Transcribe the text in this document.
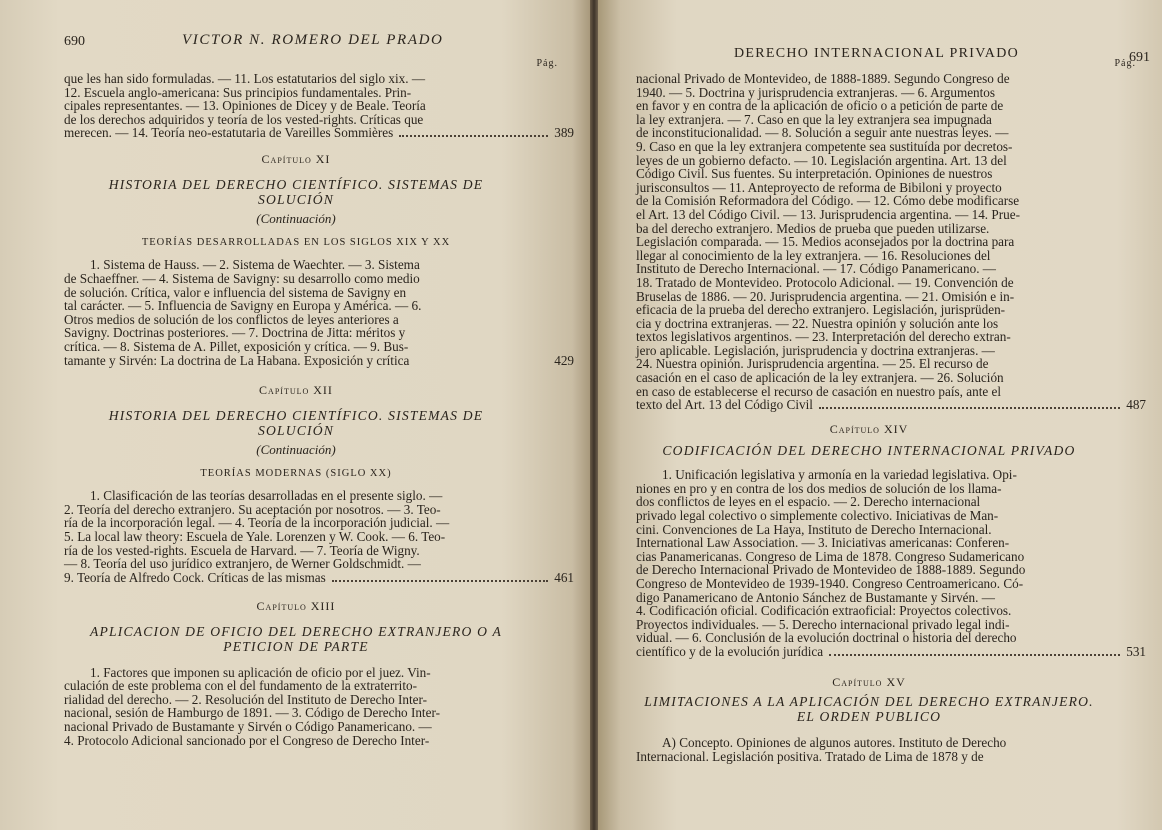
690	VICTOR N. ROMERO DEL PRADO
Pág.
que les han sido formuladas. — 11. Los estatutarios del siglo xix. —
12. Escuela anglo-americana: Sus principios fundamentales. Prin-
cipales representantes. — 13. Opiniones de Dicey y de Beale. Teoría
de los derechos adquiridos y teoría de los vested-rights. Críticas que
merecen. — 14. Teoría neo-estatutaria de Vareilles Sommières	389
Capítulo XI
HISTORIA DEL DERECHO CIENTÍFICO. SISTEMAS DE SOLUCIÓN
(Continuación)
TEORÍAS DESARROLLADAS EN LOS SIGLOS XIX Y XX
1. Sistema de Hauss. — 2. Sistema de Waechter. — 3. Sistema
de Schaeffner. — 4. Sistema de Savigny: su desarrollo como medio
de solución. Crítica, valor e influencia del sistema de Savigny en
tal carácter. — 5. Influencia de Savigny en Europa y América. — 6.
Otros medios de solución de los conflictos de leyes anteriores a
Savigny. Doctrinas posteriores. — 7. Doctrina de Jitta: méritos y
crítica. — 8. Sistema de A. Pillet, exposición y crítica. — 9. Bus-
tamante y Sirvén: La doctrina de La Habana. Exposición y crítica	429
Capítulo XII
HISTORIA DEL DERECHO CIENTÍFICO. SISTEMAS DE SOLUCIÓN
(Continuación)
TEORÍAS MODERNAS (SIGLO XX)
1. Clasificación de las teorías desarrolladas en el presente siglo. —
2. Teoría del derecho extranjero. Su aceptación por nosotros. — 3. Teo-
ría de la incorporación legal. — 4. Teoría de la incorporación judicial. —
5. La local law theory: Escuela de Yale. Lorenzen y W. Cook. — 6. Teo-
ría de los vested-rights. Escuela de Harvard. — 7. Teoría de Wigny.
— 8. Teoría del uso jurídico extranjero, de Werner Goldschmidt. —
9. Teoría de Alfredo Cock. Críticas de las mismas	461
Capítulo XIII
APLICACION DE OFICIO DEL DERECHO EXTRANJERO O A PETICION DE PARTE
1. Factores que imponen su aplicación de oficio por el juez. Vin-
culación de este problema con el del fundamento de la extraterrito-
rialidad del derecho. — 2. Resolución del Instituto de Derecho Inter-
nacional, sesión de Hamburgo de 1891. — 3. Código de Derecho Inter-
nacional Privado de Bustamante y Sirvén o Código Panamericano. —
4. Protocolo Adicional sancionado por el Congreso de Derecho Inter-
DERECHO INTERNACIONAL PRIVADO	691
Pág.
nacional Privado de Montevideo, de 1888-1889. Segundo Congreso de
1940. — 5. Doctrina y jurisprudencia extranjeras. — 6. Argumentos
en favor y en contra de la aplicación de oficio o a petición de parte de
la ley extranjera. — 7. Caso en que la ley extranjera sea impugnada
de inconstitucionalidad. — 8. Solución a seguir ante nuestras leyes. —
9. Caso en que la ley extranjera competente sea sustituída por decretos-
leyes de un gobierno defacto. — 10. Legislación argentina. Art. 13 del
Código Civil. Sus fuentes. Su interpretación. Opiniones de nuestros
jurisconsultos — 11. Anteproyecto de reforma de Bibiloni y proyecto
de la Comisión Reformadora del Código. — 12. Cómo debe modificarse
el Art. 13 del Código Civil. — 13. Jurisprudencia argentina. — 14. Prue-
ba del derecho extranjero. Medios de prueba que pueden utilizarse.
Legislación comparada. — 15. Medios aconsejados por la doctrina para
llegar al conocimiento de la ley extranjera. — 16. Resoluciones del
Instituto de Derecho Internacional. — 17. Código Panamericano. —
18. Tratado de Montevideo. Protocolo Adicional. — 19. Convención de
Bruselas de 1886. — 20. Jurisprudencia argentina. — 21. Omisión e in-
eficacia de la prueba del derecho extranjero. Legislación, jurisprüden-
cia y doctrina extranjeras. — 22. Nuestra opinión y solución ante los
textos legislativos argentinos. — 23. Interpretación del derecho extran-
jero aplicable. Legislación, jurisprudencia y doctrina extranjeras. —
24. Nuestra opinión. Jurisprudencia argentina. — 25. El recurso de
casación en el caso de aplicación de la ley extranjera. — 26. Solución
en caso de establecerse el recurso de casación en nuestro país, ante el
texto del Art. 13 del Código Civil	487
Capítulo XIV
CODIFICACIÓN DEL DERECHO INTERNACIONAL PRIVADO
1. Unificación legislativa y armonía en la variedad legislativa. Opi-
niones en pro y en contra de los dos medios de solución de los llama-
dos conflictos de leyes en el espacio. — 2. Derecho internacional
privado legal colectivo o simplemente colectivo. Iniciativas de Man-
cini. Convenciones de La Haya, Instituto de Derecho Internacional.
International Law Association. — 3. Iniciativas americanas: Conferen-
cias Panamericanas. Congreso de Lima de 1878. Congreso Sudamericano
de Derecho Internacional Privado de Montevideo de 1888-1889. Segundo
Congreso de Montevideo de 1939-1940. Congreso Centroamericano. Có-
digo Panamericano de Antonio Sánchez de Bustamante y Sirvén. —
4. Codificación oficial. Codificación extraoficial: Proyectos colectivos.
Proyectos individuales. — 5. Derecho internacional privado legal indi-
vidual. — 6. Conclusión de la evolución doctrinal o historia del derecho
científico y de la evolución jurídica	531
Capítulo XV
LIMITACIONES A LA APLICACIÓN DEL DERECHO EXTRANJERO. EL ORDEN PUBLICO
A) Concepto. Opiniones de algunos autores. Instituto de Derecho
Internacional. Legislación positiva. Tratado de Lima de 1878 y de
